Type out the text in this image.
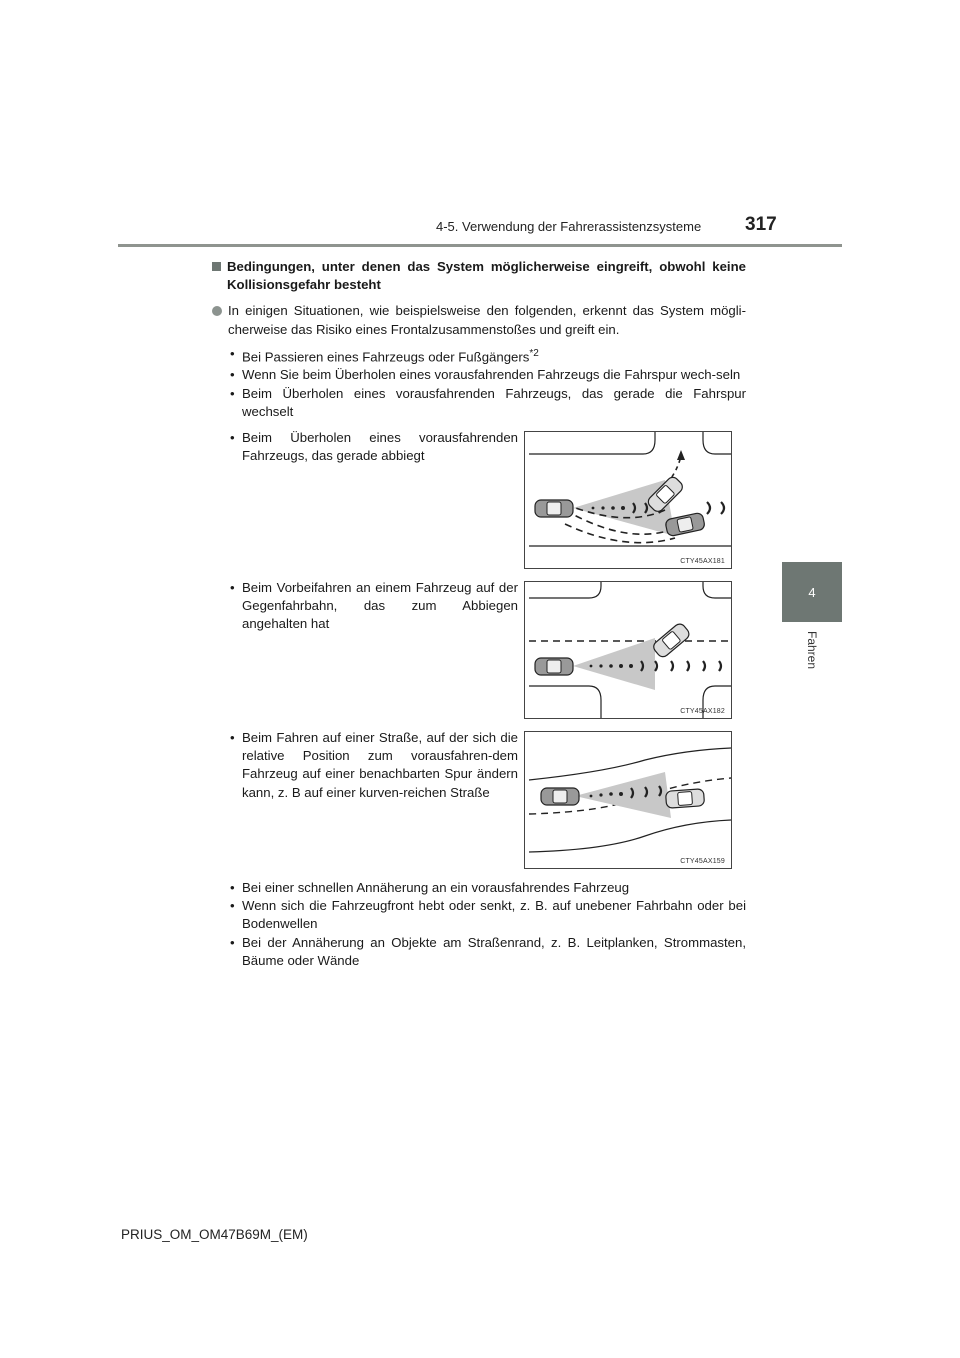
4-5. Verwendung der Fahrerassistenzsysteme 317
4
Fahren
Bedingungen, unter denen das System möglicherweise eingreift, obwohl keine Kollisionsgefahr besteht
In einigen Situationen, wie beispielsweise den folgenden, erkennt das System mögli-cherweise das Risiko eines Frontalzusammenstoßes und greift ein.
• Bei Passieren eines Fahrzeugs oder Fußgängers$^{*2}$
• Wenn Sie beim Überholen eines vorausfahrenden Fahrzeugs die Fahrspur wech-seln
• Beim Überholen eines vorausfahrenden Fahrzeugs, das gerade die Fahrspur wechselt
• Beim Überholen eines vorausfahrenden Fahrzeugs, das gerade abbiegt
CTY45AX181
• Beim Vorbeifahren an einem Fahrzeug auf der Gegenfahrbahn, das zum Abbiegen angehalten hat
CTY45AX182
• Beim Fahren auf einer Straße, auf der sich die relative Position zum vorausfahren-dem Fahrzeug auf einer benachbarten Spur ändern kann, z. B auf einer kurven-reichen Straße
CTY45AX159
• Bei einer schnellen Annäherung an ein vorausfahrendes Fahrzeug
• Wenn sich die Fahrzeugfront hebt oder senkt, z. B. auf unebener Fahrbahn oder bei Bodenwellen
• Bei der Annäherung an Objekte am Straßenrand, z. B. Leitplanken, Strommasten, Bäume oder Wände
PRIUS_OM_OM47B69M_(EM)
